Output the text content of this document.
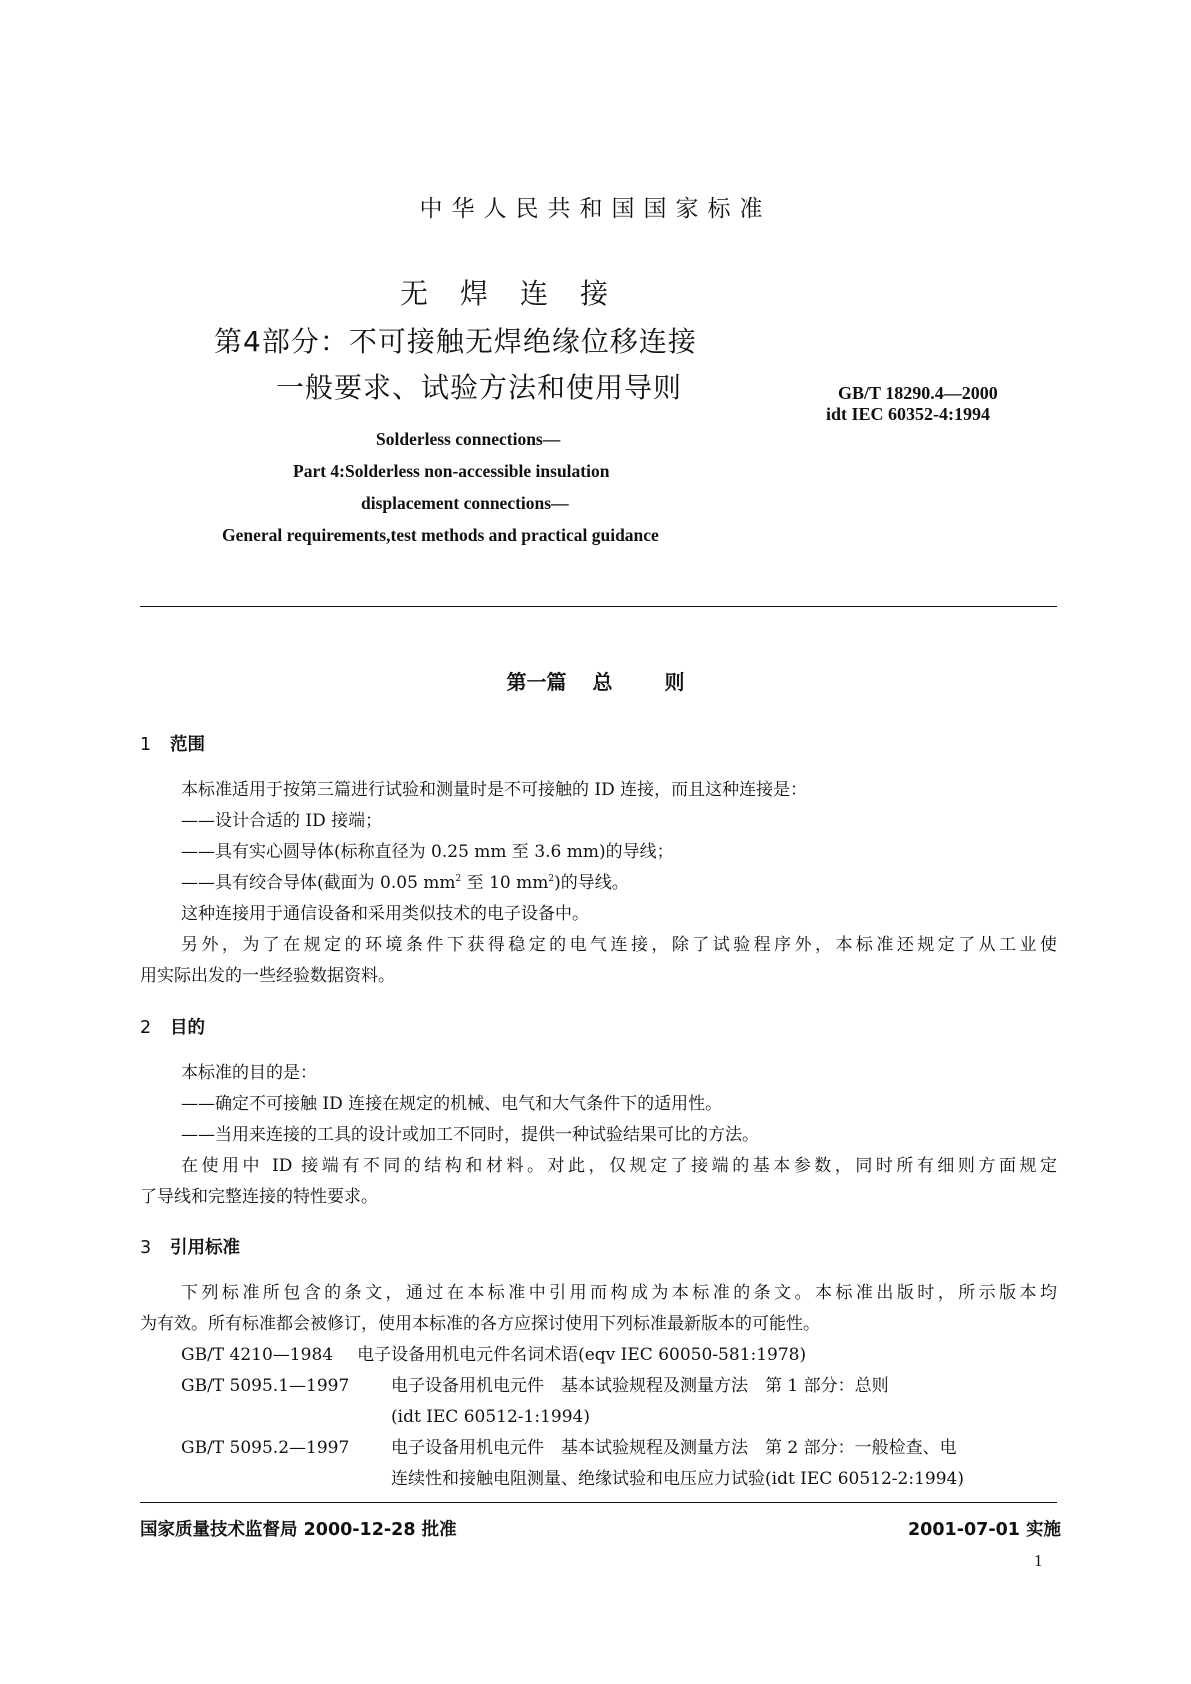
中华人民共和国国家标准
无焊连接
第4部分：不可接触无焊绝缘位移连接
一般要求、试验方法和使用导则	GB/T 18290.4—2000
idt IEC 60352-4:1994
Solderless connections—
Part 4:Solderless non-accessible insulation
displacement connections—
General requirements,test methods and practical guidance
第一篇 总	则
1 范围
本标准适用于按第三篇进行试验和测量时是不可接触的 ID 连接，而且这种连接是：
——设计合适的 ID 接端；
——具有实心圆导体(标称直径为 0.25 mm 至 3.6 mm)的导线；
——具有绞合导体(截面为 0.05 $mm^2$ 至 10 $mm^2$)的导线。
这种连接用于通信设备和采用类似技术的电子设备中。
另外，为了在规定的环境条件下获得稳定的电气连接，除了试验程序外，本标准还规定了从工业使
用实际出发的一些经验数据资料。
2 目的
本标准的目的是：
——确定不可接触 ID 连接在规定的机械、电气和大气条件下的适用性。
——当用来连接的工具的设计或加工不同时，提供一种试验结果可比的方法。
在使用中 ID 接端有不同的结构和材料。对此，仅规定了接端的基本参数，同时所有细则方面规定
了导线和完整连接的特性要求。
3 引用标准
下列标准所包含的条文，通过在本标准中引用而构成为本标准的条文。本标准出版时，所示版本均
为有效。所有标准都会被修订，使用本标准的各方应探讨使用下列标准最新版本的可能性。
GB/T 4210—1984 电子设备用机电元件名词术语(eqv IEC 60050-581:1978)
GB/T 5095.1—1997 电子设备用机电元件　基本试验规程及测量方法　第 1 部分：总则
(idt IEC 60512-1:1994)
GB/T 5095.2—1997 电子设备用机电元件　基本试验规程及测量方法　第 2 部分：一般检查、电
连续性和接触电阻测量、绝缘试验和电压应力试验(idt IEC 60512-2:1994)
国家质量技术监督局 2000-12-28 批准	2001-07-01 实施
1
